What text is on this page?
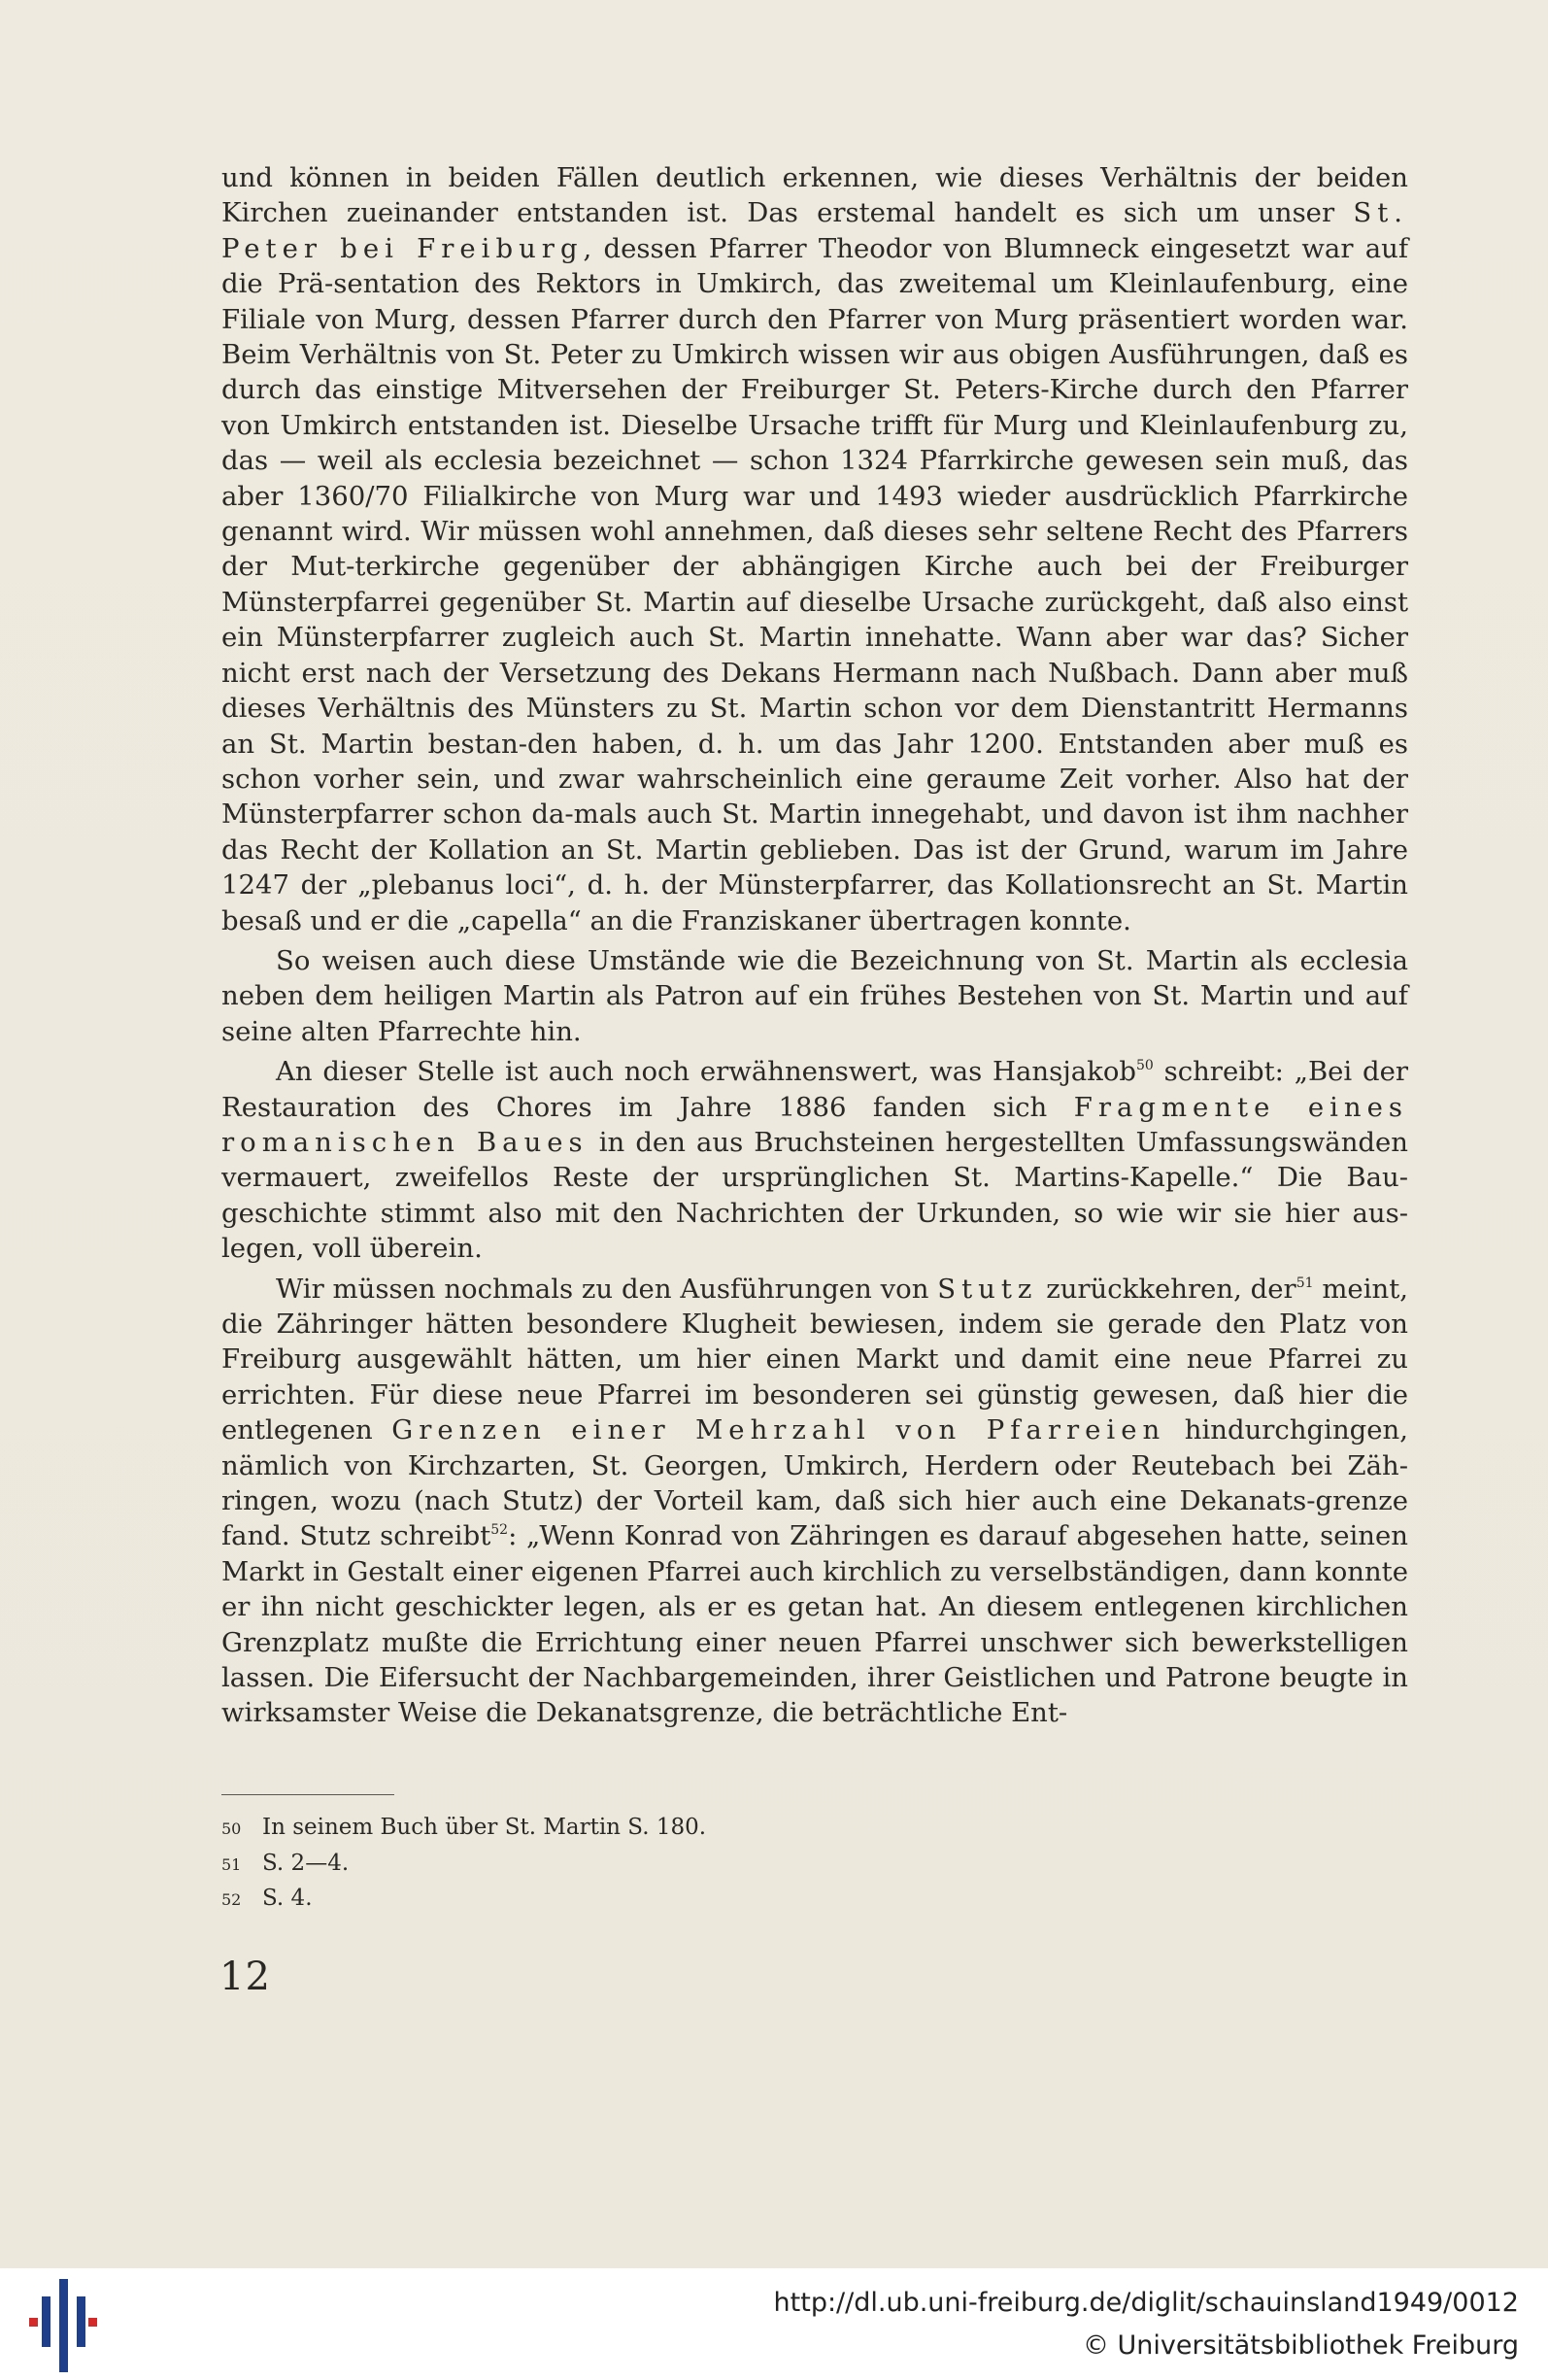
und können in beiden Fällen deutlich erkennen, wie dieses Verhältnis der beiden Kirchen zueinander entstanden ist. Das erstemal handelt es sich um unser St. Peter bei Freiburg, dessen Pfarrer Theodor von Blumneck eingesetzt war auf die Prä-sentation des Rektors in Umkirch, das zweitemal um Kleinlaufenburg, eine Filiale von Murg, dessen Pfarrer durch den Pfarrer von Murg präsentiert worden war. Beim Verhältnis von St. Peter zu Umkirch wissen wir aus obigen Ausführungen, daß es durch das einstige Mitversehen der Freiburger St. Peters-Kirche durch den Pfarrer von Umkirch entstanden ist. Dieselbe Ursache trifft für Murg und Kleinlaufenburg zu, das — weil als ecclesia bezeichnet — schon 1324 Pfarrkirche gewesen sein muß, das aber 1360/70 Filialkirche von Murg war und 1493 wieder ausdrücklich Pfarrkirche genannt wird. Wir müssen wohl annehmen, daß dieses sehr seltene Recht des Pfarrers der Mut-terkirche gegenüber der abhängigen Kirche auch bei der Freiburger Münsterpfarrei gegenüber St. Martin auf dieselbe Ursache zurückgeht, daß also einst ein Münsterpfarrer zugleich auch St. Martin innehatte. Wann aber war das? Sicher nicht erst nach der Versetzung des Dekans Hermann nach Nußbach. Dann aber muß dieses Verhältnis des Münsters zu St. Martin schon vor dem Dienstantritt Hermanns an St. Martin bestan-den haben, d. h. um das Jahr 1200. Entstanden aber muß es schon vorher sein, und zwar wahrscheinlich eine geraume Zeit vorher. Also hat der Münsterpfarrer schon da-mals auch St. Martin innegehabt, und davon ist ihm nachher das Recht der Kollation an St. Martin geblieben. Das ist der Grund, warum im Jahre 1247 der „plebanus loci“, d. h. der Münsterpfarrer, das Kollationsrecht an St. Martin besaß und er die „capella“ an die Franziskaner übertragen konnte.

So weisen auch diese Umstände wie die Bezeichnung von St. Martin als ecclesia neben dem heiligen Martin als Patron auf ein frühes Bestehen von St. Martin und auf seine alten Pfarrechte hin.

An dieser Stelle ist auch noch erwähnenswert, was Hansjakob$^{50}$ schreibt: „Bei der Restauration des Chores im Jahre 1886 fanden sich Fragmente eines romanischen Baues in den aus Bruchsteinen hergestellten Umfassungswänden vermauert, zweifellos Reste der ursprünglichen St. Martins-Kapelle.“ Die Bau-geschichte stimmt also mit den Nachrichten der Urkunden, so wie wir sie hier aus-legen, voll überein.

Wir müssen nochmals zu den Ausführungen von Stutz zurückkehren, der$^{51}$ meint, die Zähringer hätten besondere Klugheit bewiesen, indem sie gerade den Platz von Freiburg ausgewählt hätten, um hier einen Markt und damit eine neue Pfarrei zu errichten. Für diese neue Pfarrei im besonderen sei günstig gewesen, daß hier die entlegenen Grenzen einer Mehrzahl von Pfarreien hindurchgingen, nämlich von Kirchzarten, St. Georgen, Umkirch, Herdern oder Reutebach bei Zäh-ringen, wozu (nach Stutz) der Vorteil kam, daß sich hier auch eine Dekanats-grenze fand. Stutz schreibt$^{52}$: „Wenn Konrad von Zähringen es darauf abgesehen hatte, seinen Markt in Gestalt einer eigenen Pfarrei auch kirchlich zu verselbständigen, dann konnte er ihn nicht geschickter legen, als er es getan hat. An diesem entlegenen kirchlichen Grenzplatz mußte die Errichtung einer neuen Pfarrei unschwer sich bewerkstelligen lassen. Die Eifersucht der Nachbargemeinden, ihrer Geistlichen und Patrone beugte in wirksamster Weise die Dekanatsgrenze, die beträchtliche Ent-

50 In seinem Buch über St. Martin S. 180.
51 S. 2—4.
52 S. 4.
12
http://dl.ub.uni-freiburg.de/diglit/schauinsland1949/0012
© Universitätsbibliothek Freiburg
